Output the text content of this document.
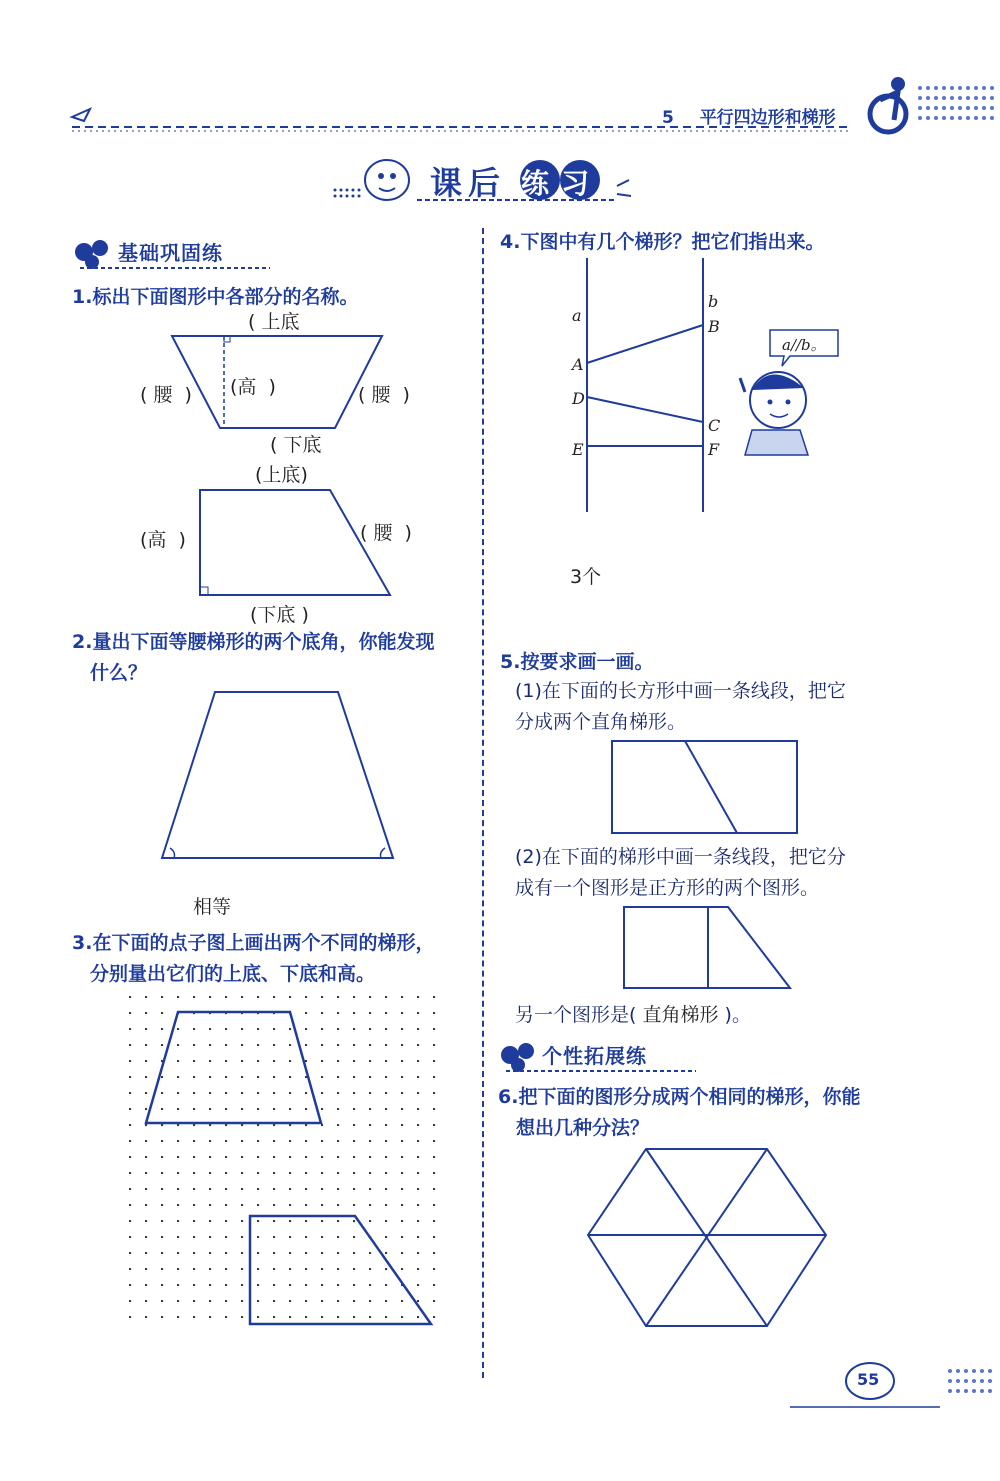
5 平行四边形和梯形
课后 练习
基础巩固练
1.标出下面图形中各部分的名称。
( 上底
( 腰  ) (高  )	( 腰  )
( 下底
(上底)
(高  )	( 腰  )
(下底 )
2.量出下面等腰梯形的两个底角，你能发现
什么？
相等
3.在下面的点子图上画出两个不同的梯形，
分别量出它们的上底、下底和高。
4.下图中有几个梯形？把它们指出来。
a
b
B
A
D
C
E	F
a//b。
3个
5.按要求画一画。
(1)在下面的长方形中画一条线段，把它
分成两个直角梯形。
(2)在下面的梯形中画一条线段，把它分
成有一个图形是正方形的两个图形。
另一个图形是( 直角梯形 )。
个性拓展练
6.把下面的图形分成两个相同的梯形，你能
想出几种分法？
55
